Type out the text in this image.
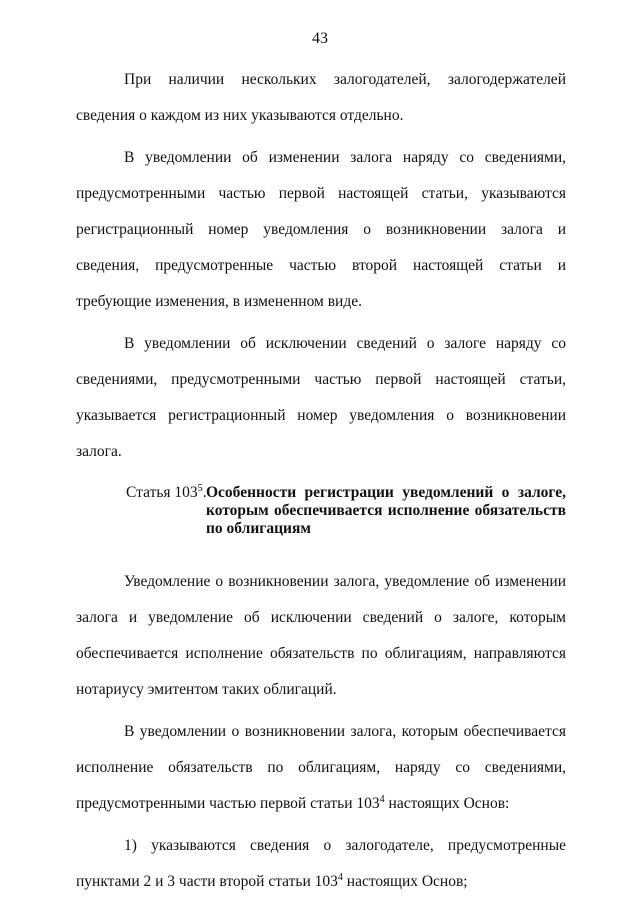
43

При наличии нескольких залогодателей, залогодержателей сведения о каждом из них указываются отдельно.

В уведомлении об изменении залога наряду со сведениями, предусмотренными частью первой настоящей статьи, указываются регистрационный номер уведомления о возникновении залога и сведения, предусмотренные частью второй настоящей статьи и требующие изменения, в измененном виде.

В уведомлении об исключении сведений о залоге наряду со сведениями, предусмотренными частью первой настоящей статьи, указывается регистрационный номер уведомления о возникновении залога.

Статья $103^5$. Особенности регистрации уведомлений о залоге, которым обеспечивается исполнение обязательств по облигациям

Уведомление о возникновении залога, уведомление об изменении залога и уведомление об исключении сведений о залоге, которым обеспечивается исполнение обязательств по облигациям, направляются нотариусу эмитентом таких облигаций.

В уведомлении о возникновении залога, которым обеспечивается исполнение обязательств по облигациям, наряду со сведениями, предусмотренными частью первой статьи $103^4$ настоящих Основ:

1) указываются сведения о залогодателе, предусмотренные пунктами 2 и 3 части второй статьи $103^4$ настоящих Основ;
